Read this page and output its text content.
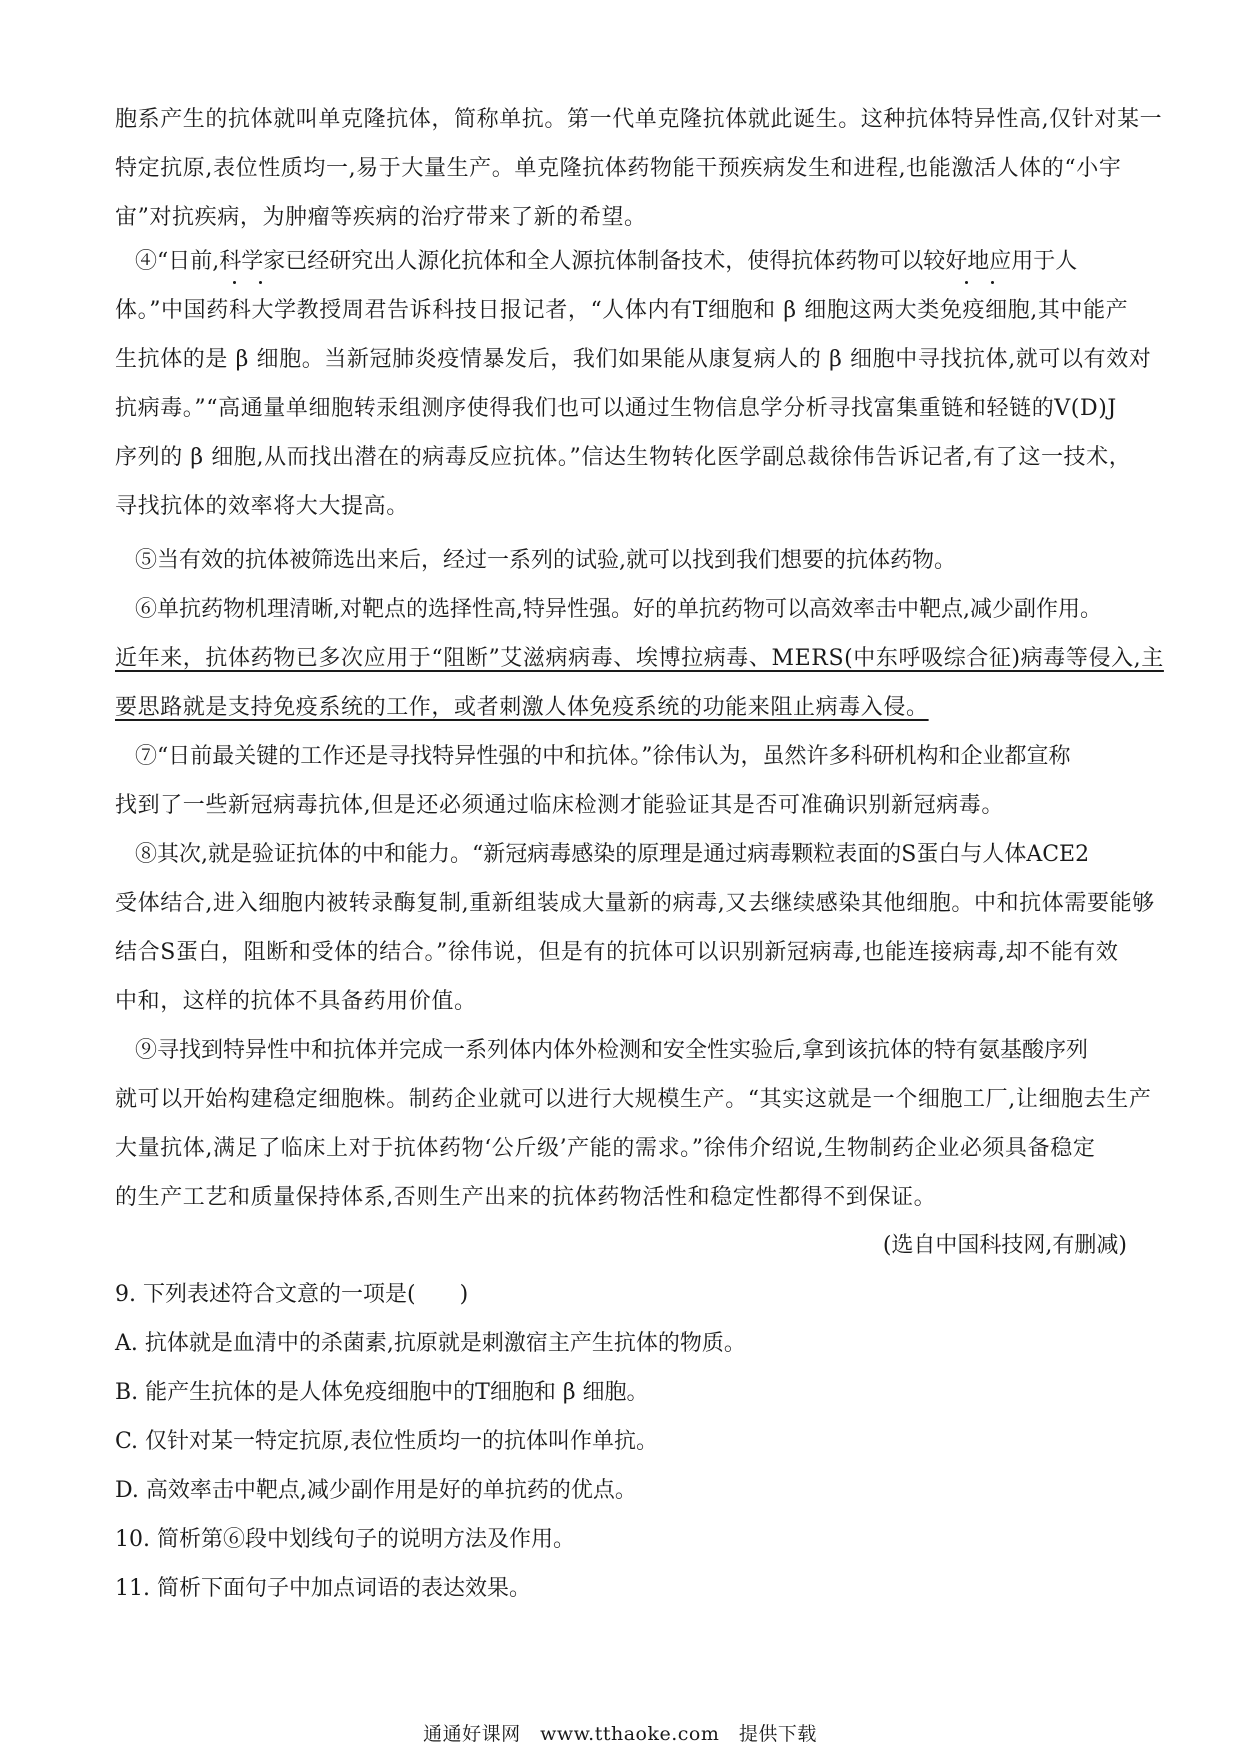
胞系产生的抗体就叫单克隆抗体，简称单抗。第一代单克隆抗体就此诞生。这种抗体特异性高,仅针对某一
特定抗原,表位性质均一,易于大量生产。单克隆抗体药物能干预疾病发生和进程,也能激活人体的“小宇
宙”对抗疾病，为肿瘤等疾病的治疗带来了新的希望。
④“日前,科学家已经研究出人源化抗体和全人源抗体制备技术，使得抗体药物可以较好地应用于人
体。”中国药科大学教授周君告诉科技日报记者，“人体内有T细胞和 β 细胞这两大类免疫细胞,其中能产
生抗体的是 β 细胞。当新冠肺炎疫情暴发后，我们如果能从康复病人的 β 细胞中寻找抗体,就可以有效对
抗病毒。”“高通量单细胞转汞组测序使得我们也可以通过生物信息学分析寻找富集重链和轻链的V(D)J
序列的 β 细胞,从而找出潜在的病毒反应抗体。”信达生物转化医学副总裁徐伟告诉记者,有了这一技术，
寻找抗体的效率将大大提高。
⑤当有效的抗体被筛选出来后，经过一系列的试验,就可以找到我们想要的抗体药物。
⑥单抗药物机理清晰,对靶点的选择性高,特异性强。好的单抗药物可以高效率击中靶点,减少副作用。
近年来，抗体药物已多次应用于“阻断”艾滋病病毒、埃博拉病毒、MERS(中东呼吸综合征)病毒等侵入,主
要思路就是支持免疫系统的工作，或者刺激人体免疫系统的功能来阻止病毒入侵。
⑦“日前最关键的工作还是寻找特异性强的中和抗体。”徐伟认为，虽然许多科研机构和企业都宣称
找到了一些新冠病毒抗体,但是还必须通过临床检测才能验证其是否可准确识别新冠病毒。
⑧其次,就是验证抗体的中和能力。“新冠病毒感染的原理是通过病毒颗粒表面的S蛋白与人体ACE2
受体结合,进入细胞内被转录酶复制,重新组装成大量新的病毒,又去继续感染其他细胞。中和抗体需要能够
结合S蛋白，阻断和受体的结合。”徐伟说，但是有的抗体可以识别新冠病毒,也能连接病毒,却不能有效
中和，这样的抗体不具备药用价值。
⑨寻找到特异性中和抗体并完成一系列体内体外检测和安全性实验后,拿到该抗体的特有氨基酸序列
就可以开始构建稳定细胞株。制药企业就可以进行大规模生产。“其实这就是一个细胞工厂,让细胞去生产
大量抗体,满足了临床上对于抗体药物‘公斤级’产能的需求。”徐伟介绍说,生物制药企业必须具备稳定
的生产工艺和质量保持体系,否则生产出来的抗体药物活性和稳定性都得不到保证。
(选自中国科技网,有删减)
9. 下列表述符合文意的一项是(　　)
A. 抗体就是血清中的杀菌素,抗原就是刺激宿主产生抗体的物质。
B. 能产生抗体的是人体免疫细胞中的T细胞和 β 细胞。
C. 仅针对某一特定抗原,表位性质均一的抗体叫作单抗。
D. 高效率击中靶点,减少副作用是好的单抗药的优点。
10. 简析第⑥段中划线句子的说明方法及作用。
11. 简析下面句子中加点词语的表达效果。
通通好课网　www.tthaoke.com　提供下载
